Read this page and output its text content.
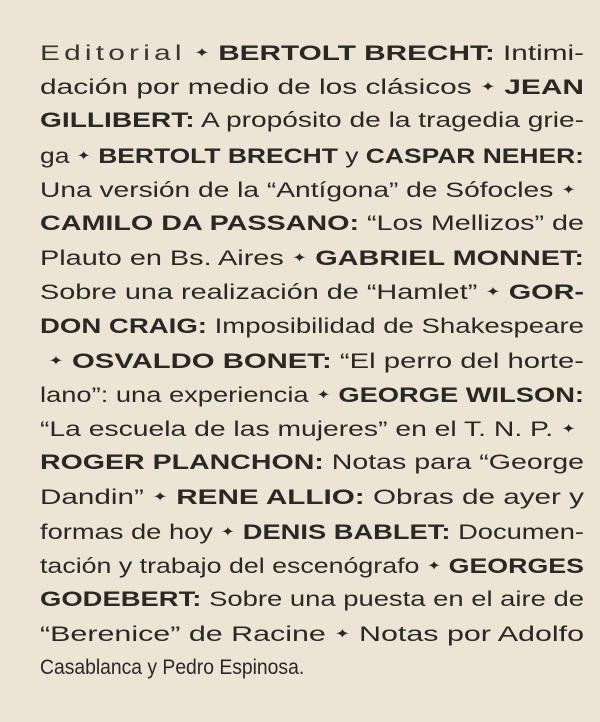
Editorial ✦ BERTOLT BRECHT: Intimi-
dación por medio de los clásicos ✦ JEAN
GILLIBERT: A propósito de la tragedia grie-
ga ✦ BERTOLT BRECHT y CASPAR NEHER:
Una versión de la “Antígona” de Sófocles ✦
CAMILO DA PASSANO: “Los Mellizos” de
Plauto en Bs. Aires ✦ GABRIEL MONNET:
Sobre una realización de “Hamlet” ✦ GOR-
DON CRAIG: Imposibilidad de Shakespeare
✦ OSVALDO BONET: “El perro del horte-
lano”: una experiencia ✦ GEORGE WILSON:
“La escuela de las mujeres” en el T. N. P. ✦
ROGER PLANCHON: Notas para “George
Dandin” ✦ RENE ALLIO: Obras de ayer y
formas de hoy ✦ DENIS BABLET: Documen-
tación y trabajo del escenógrafo ✦ GEORGES
GODEBERT: Sobre una puesta en el aire de
“Berenice” de Racine ✦ Notas por Adolfo
Casablanca y Pedro Espinosa.
